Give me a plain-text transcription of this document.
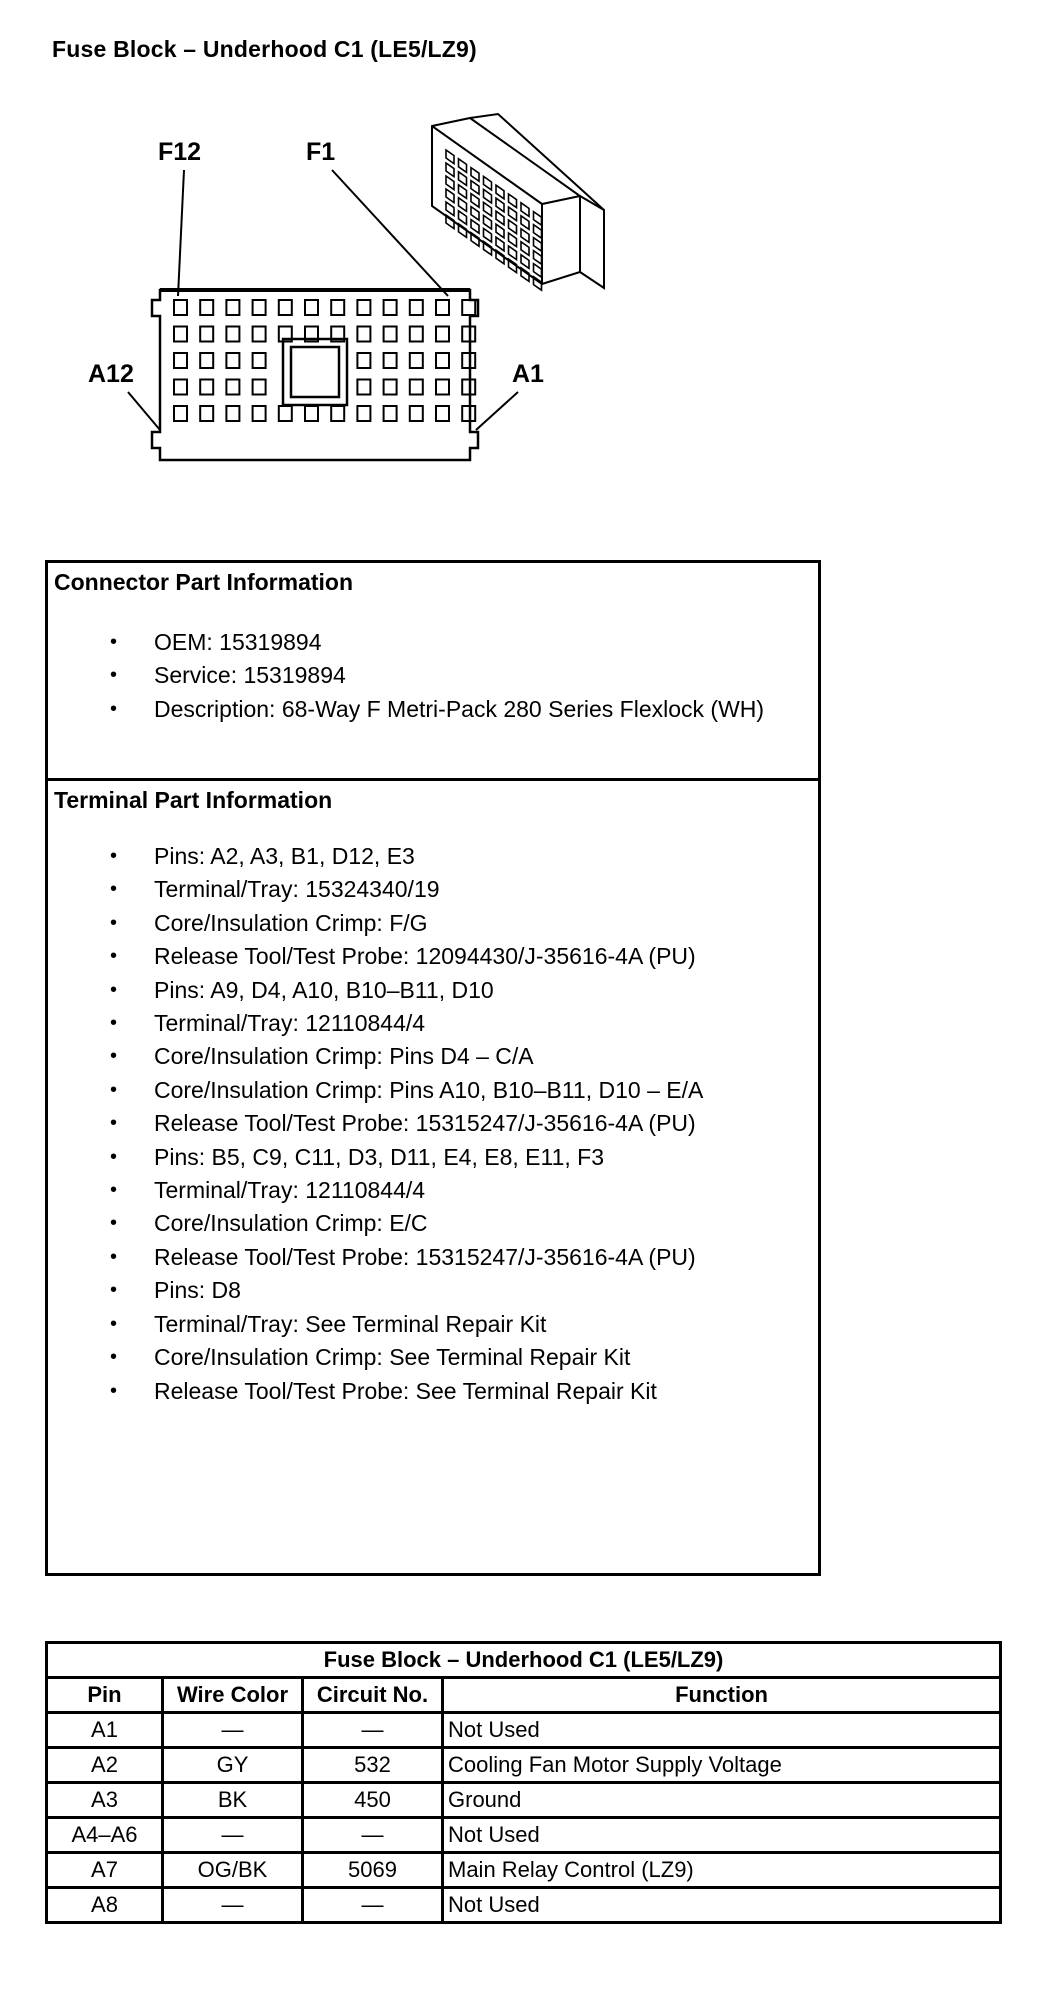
Fuse Block – Underhood C1 (LE5/LZ9)
F12	F1
A12	A1
Connector Part Information
• OEM: 15319894
• Service: 15319894
• Description: 68-Way F Metri-Pack 280 Series Flexlock (WH)
Terminal Part Information
• Pins: A2, A3, B1, D12, E3
• Terminal/Tray: 15324340/19
• Core/Insulation Crimp: F/G
• Release Tool/Test Probe: 12094430/J-35616-4A (PU)
• Pins: A9, D4, A10, B10–B11, D10
• Terminal/Tray: 12110844/4
• Core/Insulation Crimp: Pins D4 – C/A
• Core/Insulation Crimp: Pins A10, B10–B11, D10 – E/A
• Release Tool/Test Probe: 15315247/J-35616-4A (PU)
• Pins: B5, C9, C11, D3, D11, E4, E8, E11, F3
• Terminal/Tray: 12110844/4
• Core/Insulation Crimp: E/C
• Release Tool/Test Probe: 15315247/J-35616-4A (PU)
• Pins: D8
• Terminal/Tray: See Terminal Repair Kit
• Core/Insulation Crimp: See Terminal Repair Kit
• Release Tool/Test Probe: See Terminal Repair Kit
Fuse Block – Underhood C1 (LE5/LZ9)			
Pin	Wire Color	Circuit No.	Function
A1	—	—	Not Used
A2	GY	532	Cooling Fan Motor Supply Voltage
A3	BK	450	Ground
A4–A6	—	—	Not Used
A7	OG/BK	5069	Main Relay Control (LZ9)
A8	—	—	Not Used
